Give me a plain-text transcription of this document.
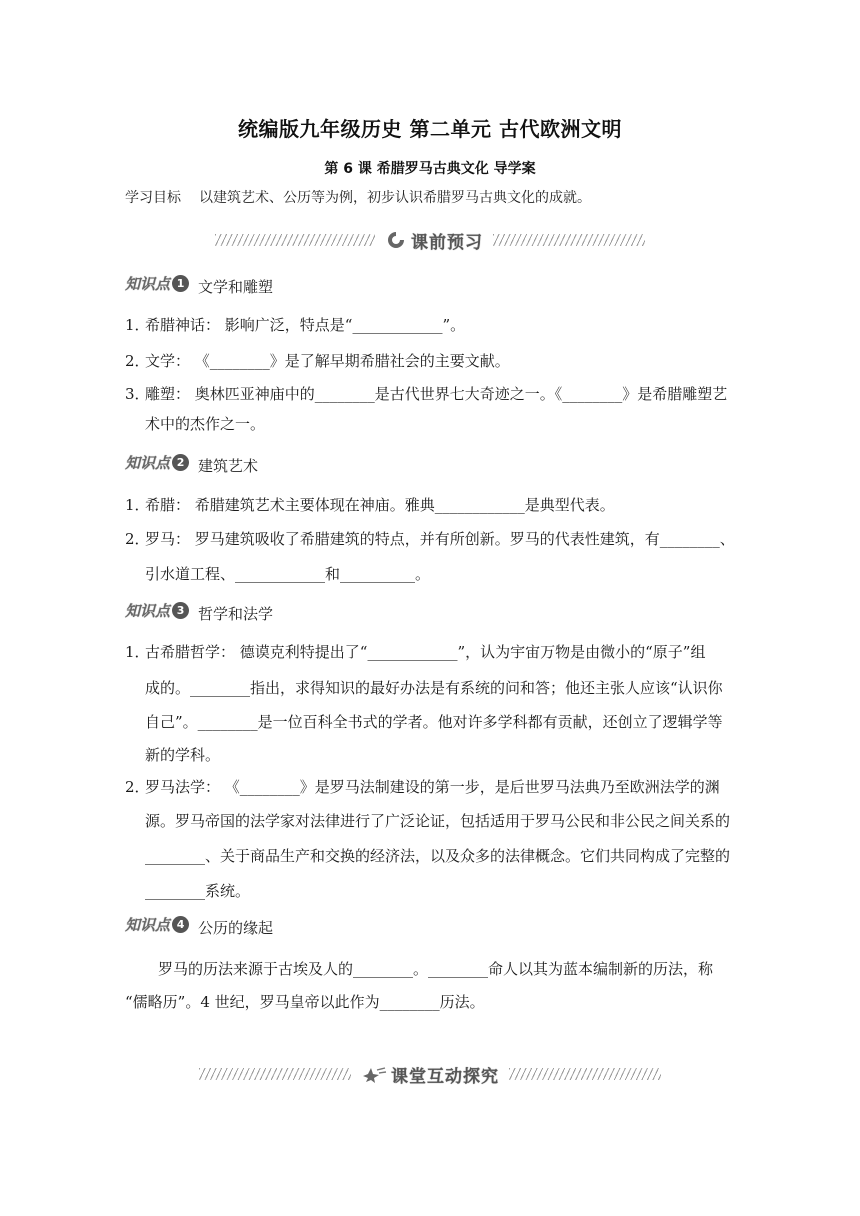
统编版九年级历史 第二单元 古代欧洲文明
第 6 课 希腊罗马古典文化 导学案
学习目标 以建筑艺术、公历等为例，初步认识希腊罗马古典文化的成就。
课前预习
知识点 1 文学和雕塑
1．希腊神话： 影响广泛，特点是“____________”。
2．文学： 《________》是了解早期希腊社会的主要文献。
3．雕塑： 奥林匹亚神庙中的________是古代世界七大奇迹之一。《________》是希腊雕塑艺
术中的杰作之一。
知识点 2 建筑艺术
1．希腊： 希腊建筑艺术主要体现在神庙。雅典____________是典型代表。
2．罗马： 罗马建筑吸收了希腊建筑的特点，并有所创新。罗马的代表性建筑，有________、
引水道工程、____________和__________。
知识点 3 哲学和法学
1．古希腊哲学： 德谟克利特提出了“____________”，认为宇宙万物是由微小的“原子”组
成的。________指出，求得知识的最好办法是有系统的问和答；他还主张人应该“认识你
自己”。________是一位百科全书式的学者。他对许多学科都有贡献，还创立了逻辑学等
新的学科。
2．罗马法学： 《________》是罗马法制建设的第一步，是后世罗马法典乃至欧洲法学的渊
源。罗马帝国的法学家对法律进行了广泛论证，包括适用于罗马公民和非公民之间关系的
________、关于商品生产和交换的经济法，以及众多的法律概念。它们共同构成了完整的
________系统。
知识点 4 公历的缘起
罗马的历法来源于古埃及人的________。________命人以其为蓝本编制新的历法，称
“儒略历”。4 世纪，罗马皇帝以此作为________历法。
课堂互动探究
